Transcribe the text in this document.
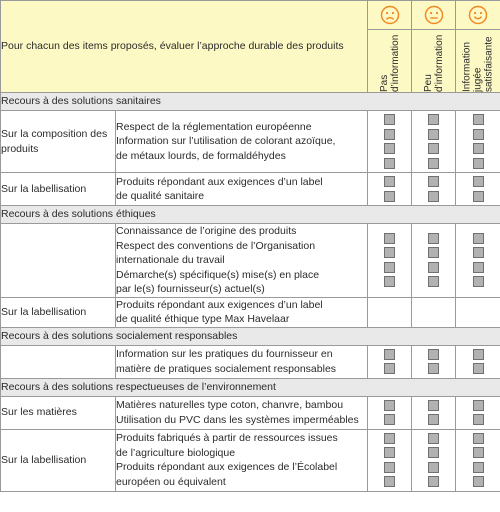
Pour chacun des items proposés, évaluer l’approche durable des produits	

		Pas d’information	Peu d’information	Information jugée satisfaisante

Recours à des solutions sanitaires				
Sur la composition des produits	Respect de la réglementation européenne
Information sur l’utilisation de colorant azoïque,
de métaux lourds, de formaldéhydes			

Sur la labellisation	Produits répondant aux exigences d’un label
de qualité sanitaire			

Recours à des solutions éthiques				

	Connaissance de l’origine des produits
Respect des conventions de l’Organisation
internationale du travail
Démarche(s) spécifique(s) mise(s) en place
par le(s) fournisseur(s) actuel(s)			

Sur la labellisation	Produits répondant aux exigences d’un label
de qualité éthique type Max Havelaar			

Recours à des solutions socialement responsables				

	Information sur les pratiques du fournisseur en
matière de pratiques socialement responsables			

Recours à des solutions respectueuses de l’environnement				
Sur les matières	Matières naturelles type coton, chanvre, bambou
Utilisation du PVC dans les systèmes imperméables			

Sur la labellisation	Produits fabriqués à partir de ressources issues
de l’agriculture biologique
Produits répondant aux exigences de l’Écolabel
européen ou équivalent			
